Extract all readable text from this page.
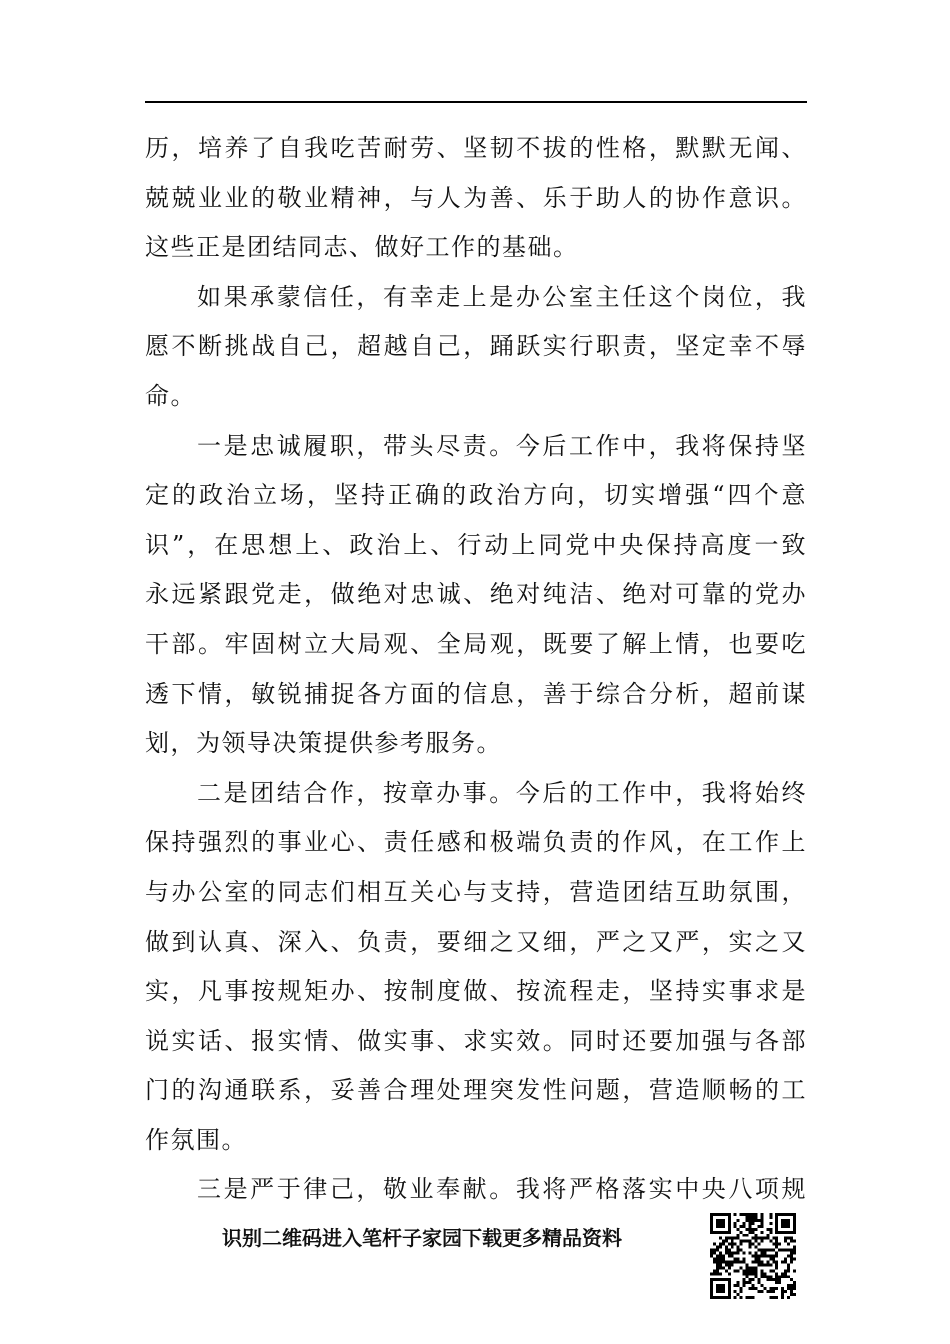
历，培养了自我吃苦耐劳、坚韧不拔的性格，默默无闻、
兢兢业业的敬业精神，与人为善、乐于助人的协作意识。
这些正是团结同志、做好工作的基础。
如果承蒙信任，有幸走上是办公室主任这个岗位，我
愿不断挑战自己，超越自己，踊跃实行职责，坚定幸不辱
命。
一是忠诚履职，带头尽责。今后工作中，我将保持坚
定的政治立场，坚持正确的政治方向，切实增强“四个意
识”，在思想上、政治上、行动上同党中央保持高度一致
永远紧跟党走，做绝对忠诚、绝对纯洁、绝对可靠的党办
干部。牢固树立大局观、全局观，既要了解上情，也要吃
透下情，敏锐捕捉各方面的信息，善于综合分析，超前谋
划，为领导决策提供参考服务。
二是团结合作，按章办事。今后的工作中，我将始终
保持强烈的事业心、责任感和极端负责的作风，在工作上
与办公室的同志们相互关心与支持，营造团结互助氛围，
做到认真、深入、负责，要细之又细，严之又严，实之又
实，凡事按规矩办、按制度做、按流程走，坚持实事求是
说实话、报实情、做实事、求实效。同时还要加强与各部
门的沟通联系，妥善合理处理突发性问题，营造顺畅的工
作氛围。
三是严于律己，敬业奉献。我将严格落实中央八项规
识别二维码进入笔杆子家园下载更多精品资料
